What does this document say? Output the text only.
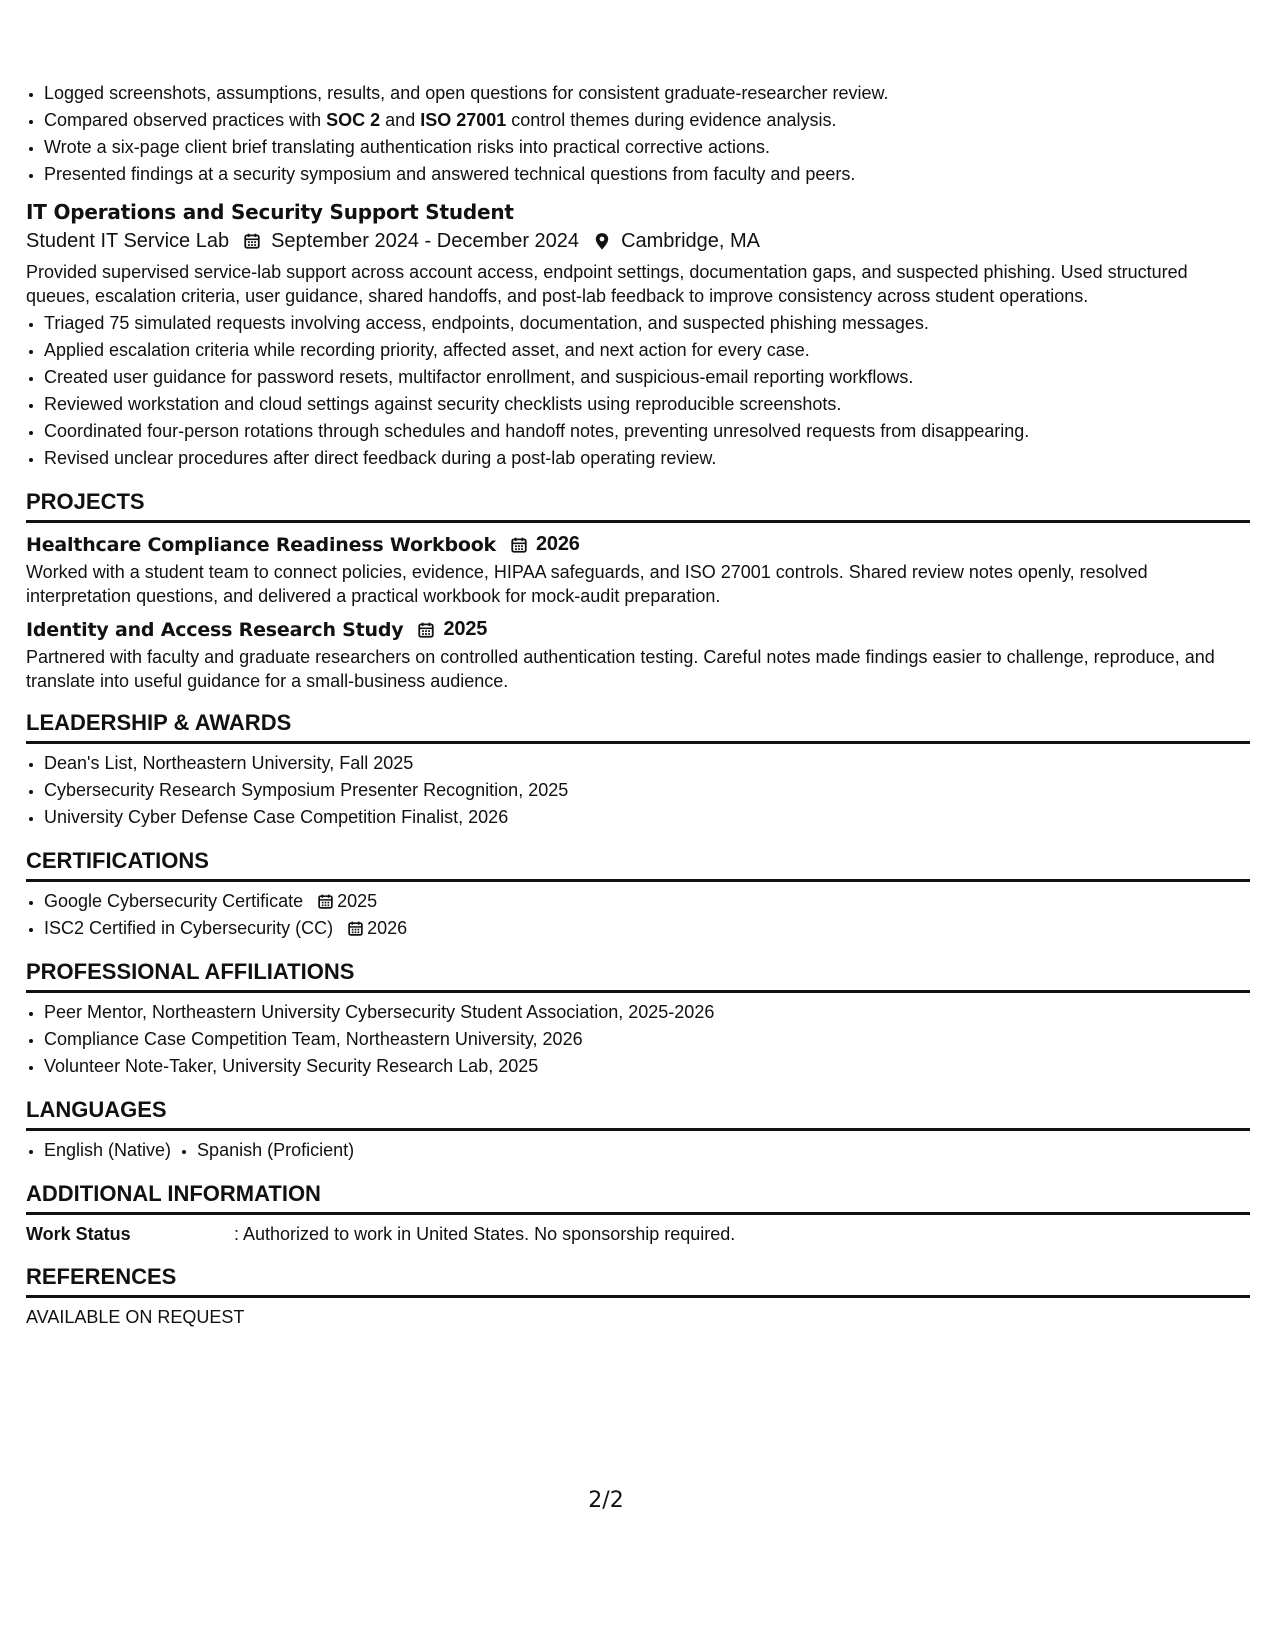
• Logged screenshots, assumptions, results, and open questions for consistent graduate-researcher review.
• Compared observed practices with SOC 2 and ISO 27001 control themes during evidence analysis.
• Wrote a six-page client brief translating authentication risks into practical corrective actions.
• Presented findings at a security symposium and answered technical questions from faculty and peers.
IT Operations and Security Support Student
Student IT Service Lab September 2024 - December 2024 Cambridge, MA
Provided supervised service-lab support across account access, endpoint settings, documentation gaps, and suspected phishing. Used structured queues, escalation criteria, user guidance, shared handoffs, and post-lab feedback to improve consistency across student operations.
• Triaged 75 simulated requests involving access, endpoints, documentation, and suspected phishing messages.
• Applied escalation criteria while recording priority, affected asset, and next action for every case.
• Created user guidance for password resets, multifactor enrollment, and suspicious-email reporting workflows.
• Reviewed workstation and cloud settings against security checklists using reproducible screenshots.
• Coordinated four-person rotations through schedules and handoff notes, preventing unresolved requests from disappearing.
• Revised unclear procedures after direct feedback during a post-lab operating review.
PROJECTS
Healthcare Compliance Readiness Workbook 2026
Worked with a student team to connect policies, evidence, HIPAA safeguards, and ISO 27001 controls. Shared review notes openly, resolved interpretation questions, and delivered a practical workbook for mock-audit preparation.
Identity and Access Research Study 2025
Partnered with faculty and graduate researchers on controlled authentication testing. Careful notes made findings easier to challenge, reproduce, and translate into useful guidance for a small-business audience.
LEADERSHIP & AWARDS
• Dean's List, Northeastern University, Fall 2025
• Cybersecurity Research Symposium Presenter Recognition, 2025
• University Cyber Defense Case Competition Finalist, 2026
CERTIFICATIONS
• Google Cybersecurity Certificate 2025
• ISC2 Certified in Cybersecurity (CC) 2026
PROFESSIONAL AFFILIATIONS
• Peer Mentor, Northeastern University Cybersecurity Student Association, 2025-2026
• Compliance Case Competition Team, Northeastern University, 2026
• Volunteer Note-Taker, University Security Research Lab, 2025
LANGUAGES
• English (Native)
• Spanish (Proficient)
ADDITIONAL INFORMATION
Work Status	: Authorized to work in United States. No sponsorship required.
REFERENCES
AVAILABLE ON REQUEST
2/2
